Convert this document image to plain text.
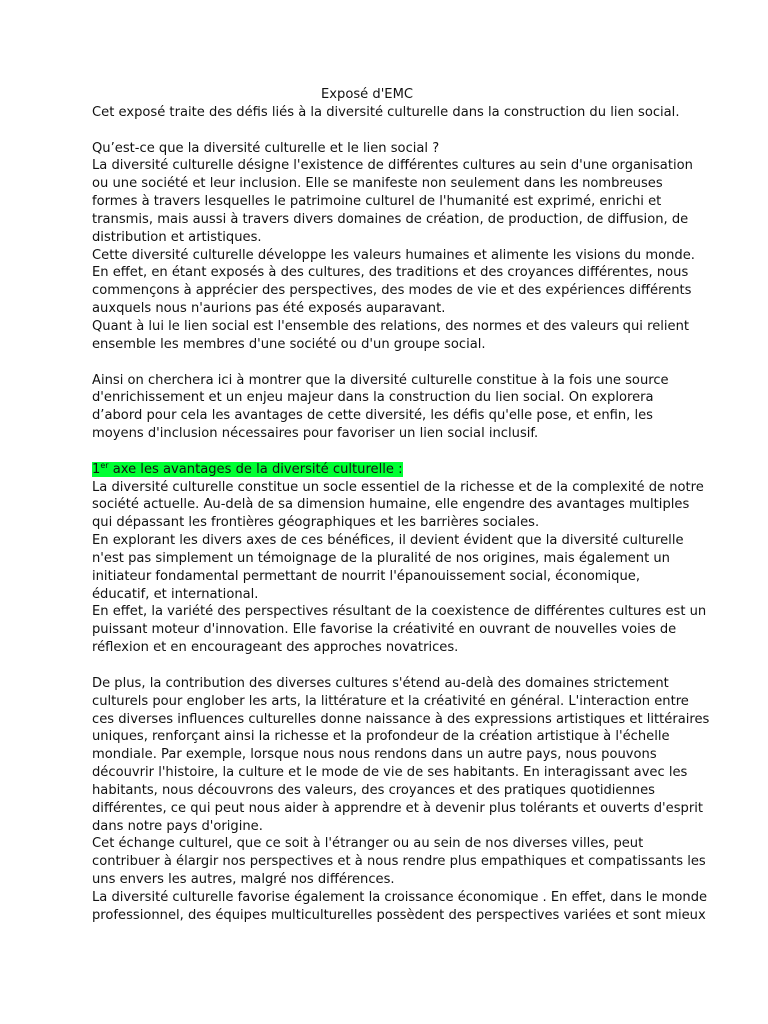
Exposé d'EMC
Cet exposé traite des défis liés à la diversité culturelle dans la construction du lien social.
Qu’est-ce que la diversité culturelle et le lien social ?
La diversité culturelle désigne l'existence de différentes cultures au sein d'une organisation
ou une société et leur inclusion. Elle se manifeste non seulement dans les nombreuses
formes à travers lesquelles le patrimoine culturel de l'humanité est exprimé, enrichi et
transmis, mais aussi à travers divers domaines de création, de production, de diffusion, de
distribution et artistiques.
Cette diversité culturelle développe les valeurs humaines et alimente les visions du monde.
En effet, en étant exposés à des cultures, des traditions et des croyances différentes, nous
commençons à apprécier des perspectives, des modes de vie et des expériences différents
auxquels nous n'aurions pas été exposés auparavant.
Quant à lui le lien social est l'ensemble des relations, des normes et des valeurs qui relient
ensemble les membres d'une société ou d'un groupe social.
Ainsi on cherchera ici à montrer que la diversité culturelle constitue à la fois une source
d'enrichissement et un enjeu majeur dans la construction du lien social. On explorera
d’abord pour cela les avantages de cette diversité, les défis qu'elle pose, et enfin, les
moyens d'inclusion nécessaires pour favoriser un lien social inclusif.
1er axe les avantages de la diversité culturelle :
La diversité culturelle constitue un socle essentiel de la richesse et de la complexité de notre
société actuelle. Au-delà de sa dimension humaine, elle engendre des avantages multiples
qui dépassant les frontières géographiques et les barrières sociales.
En explorant les divers axes de ces bénéfices, il devient évident que la diversité culturelle
n'est pas simplement un témoignage de la pluralité de nos origines, mais également un
initiateur fondamental permettant de nourrit l'épanouissement social, économique,
éducatif, et international.
En effet, la variété des perspectives résultant de la coexistence de différentes cultures est un
puissant moteur d'innovation. Elle favorise la créativité en ouvrant de nouvelles voies de
réflexion et en encourageant des approches novatrices.
De plus, la contribution des diverses cultures s'étend au-delà des domaines strictement
culturels pour englober les arts, la littérature et la créativité en général. L'interaction entre
ces diverses influences culturelles donne naissance à des expressions artistiques et littéraires
uniques, renforçant ainsi la richesse et la profondeur de la création artistique à l'échelle
mondiale. Par exemple, lorsque nous nous rendons dans un autre pays, nous pouvons
découvrir l'histoire, la culture et le mode de vie de ses habitants. En interagissant avec les
habitants, nous découvrons des valeurs, des croyances et des pratiques quotidiennes
différentes, ce qui peut nous aider à apprendre et à devenir plus tolérants et ouverts d'esprit
dans notre pays d'origine.
Cet échange culturel, que ce soit à l'étranger ou au sein de nos diverses villes, peut
contribuer à élargir nos perspectives et à nous rendre plus empathiques et compatissants les
uns envers les autres, malgré nos différences.
La diversité culturelle favorise également la croissance économique . En effet, dans le monde
professionnel, des équipes multiculturelles possèdent des perspectives variées et sont mieux
